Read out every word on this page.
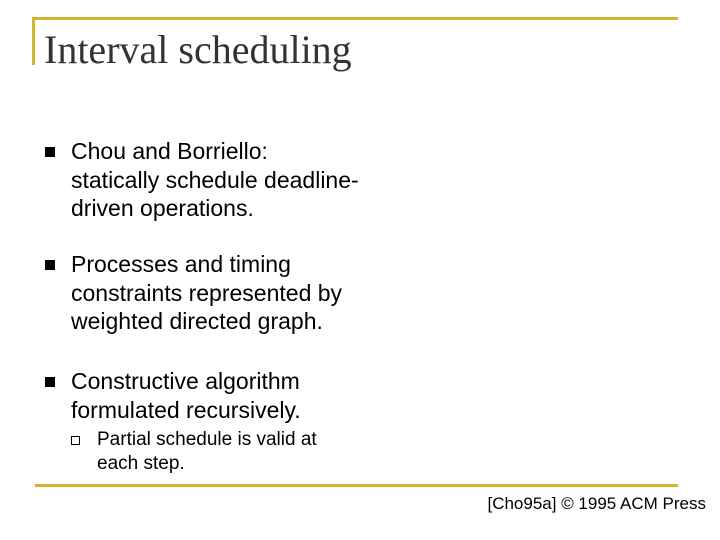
Interval scheduling
Chou and Borriello: statically schedule deadline-driven operations.
Processes and timing constraints represented by weighted directed graph.
Constructive algorithm formulated recursively.
Partial schedule is valid at each step.
[Cho95a] © 1995 ACM Press
